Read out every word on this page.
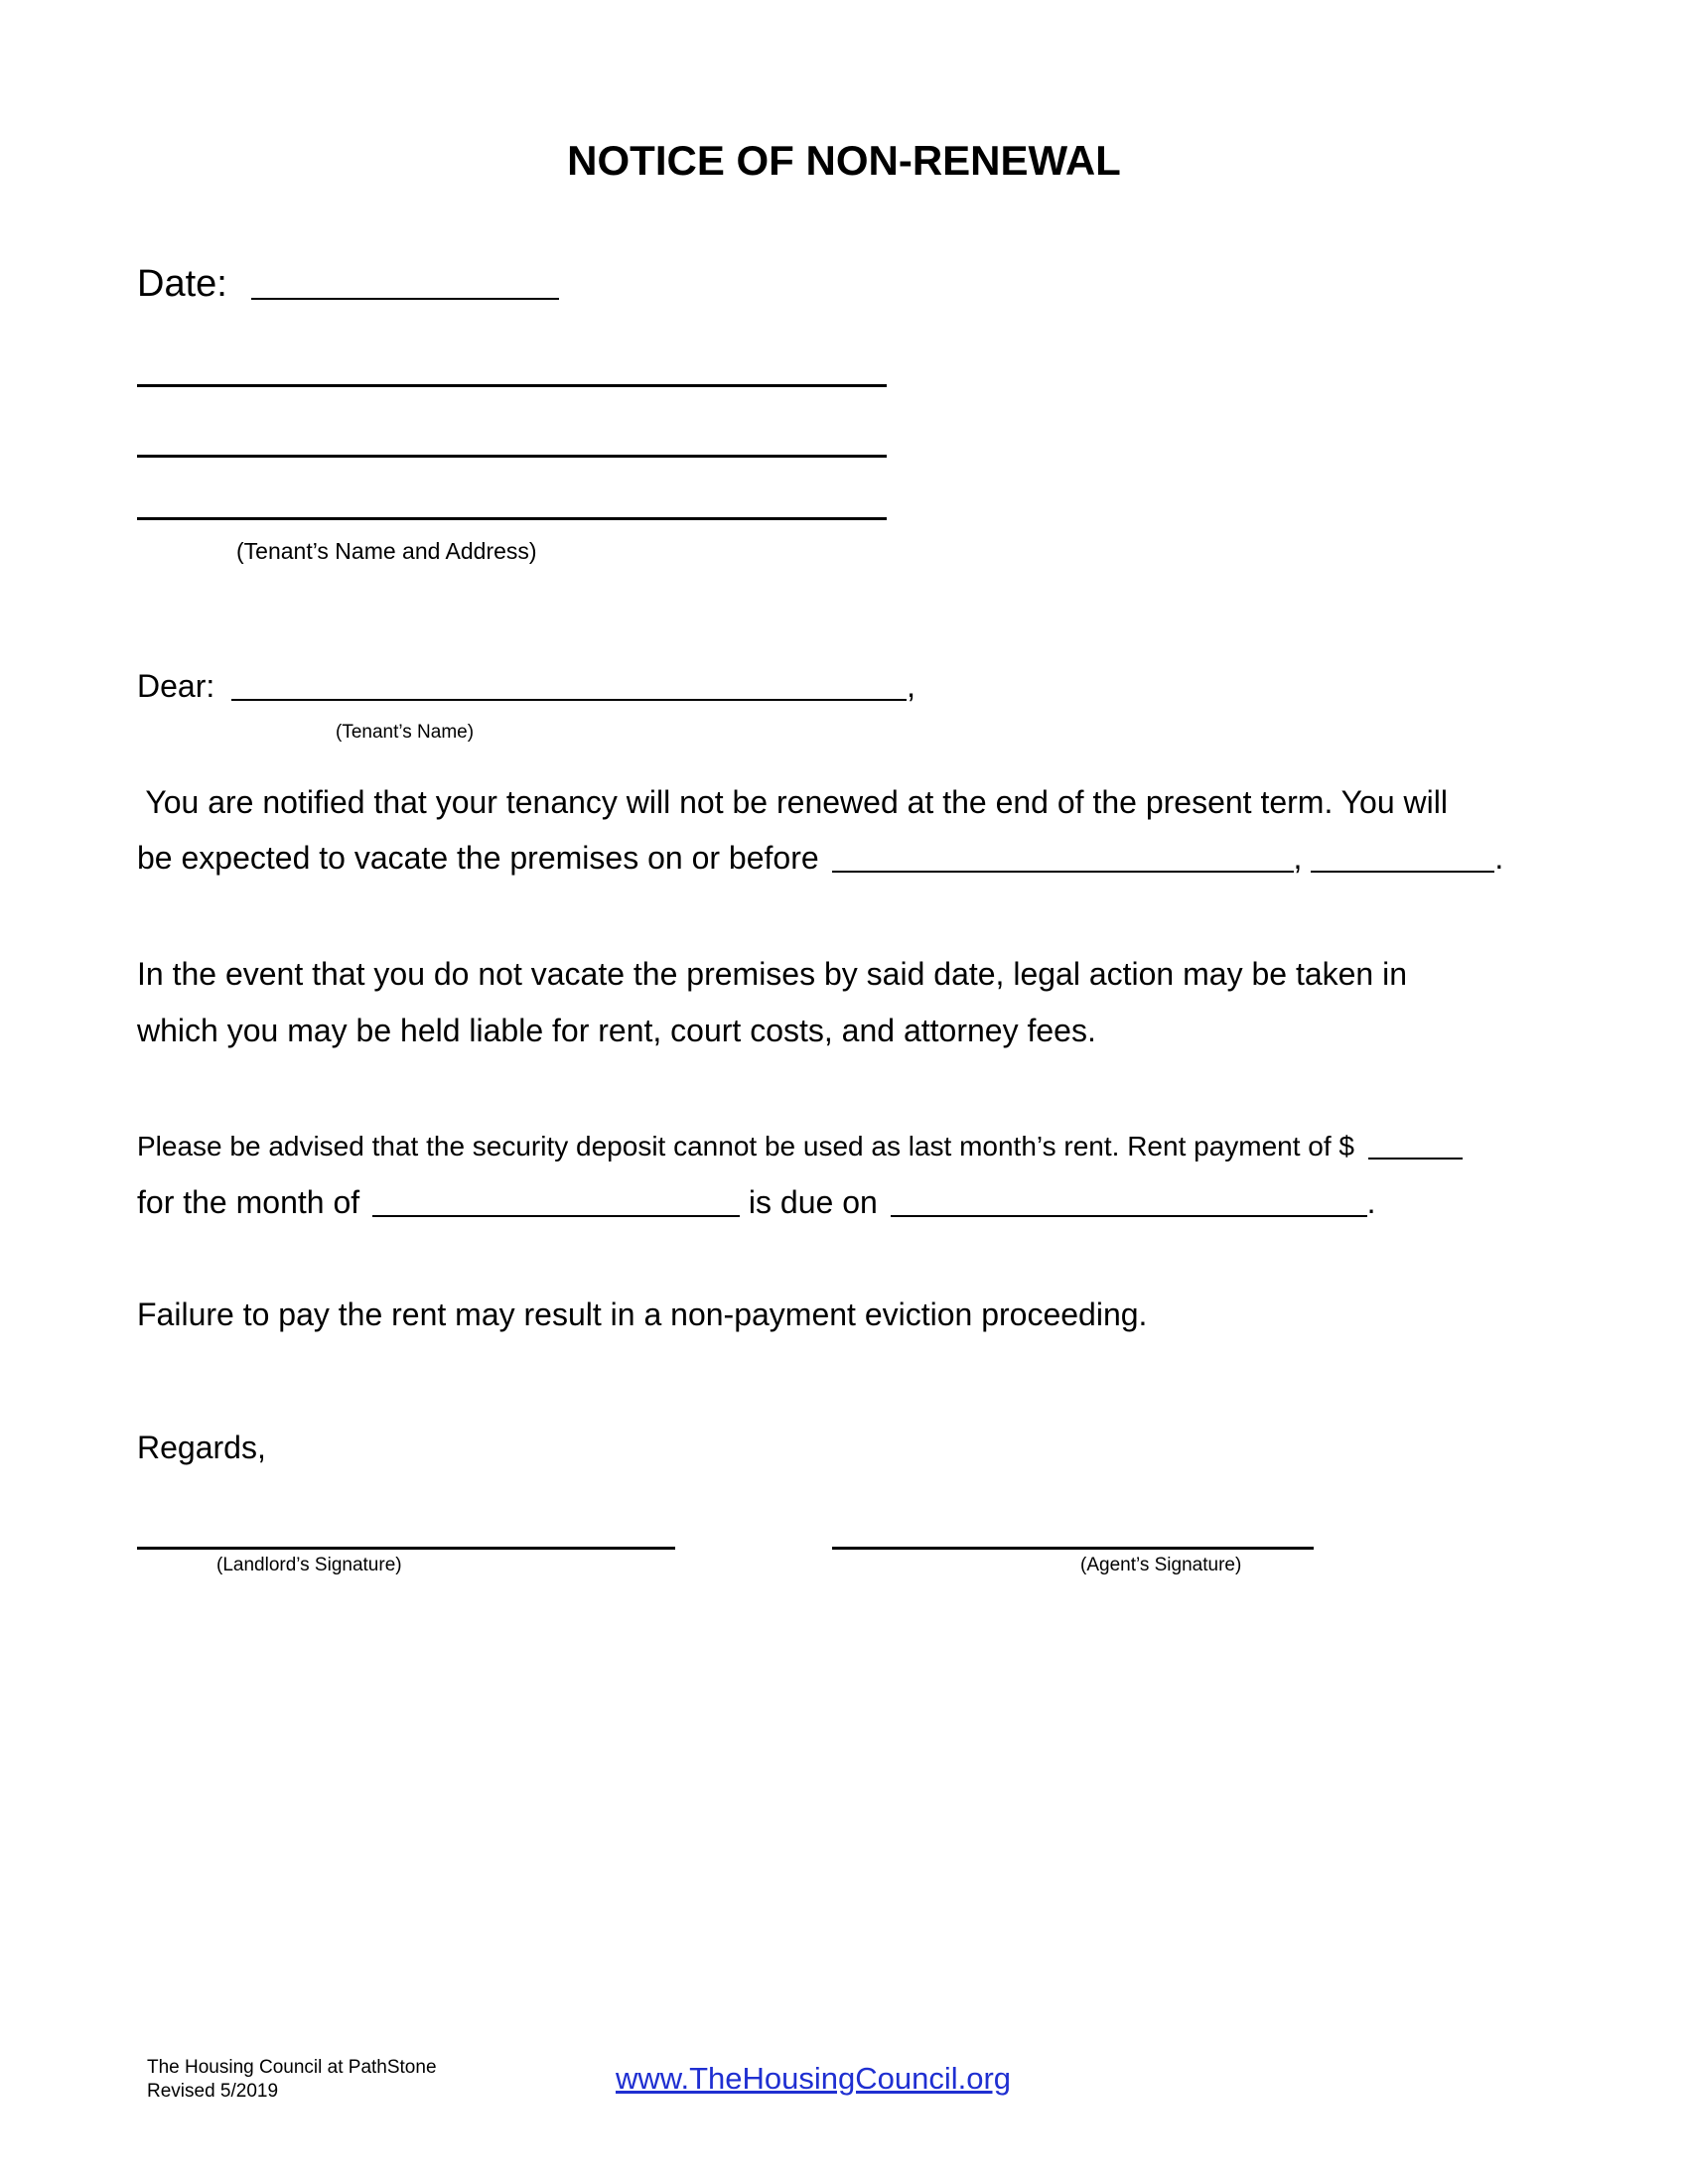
NOTICE OF NON-RENEWAL
Date:
(Tenant’s Name and Address)
Dear:	,
(Tenant’s Name)
You are notified that your tenancy will not be renewed at the end of the present term. You will
be expected to vacate the premises on or before	,	.
In the event that you do not vacate the premises by said date, legal action may be taken in
which you may be held liable for rent, court costs, and attorney fees.
Please be advised that the security deposit cannot be used as last month’s rent. Rent payment of $
for the month of	is due on	.
Failure to pay the rent may result in a non-payment eviction proceeding.
Regards,
(Landlord’s Signature)	(Agent’s Signature)
The Housing Council at PathStone
Revised 5/2019	www.TheHousingCouncil.org
